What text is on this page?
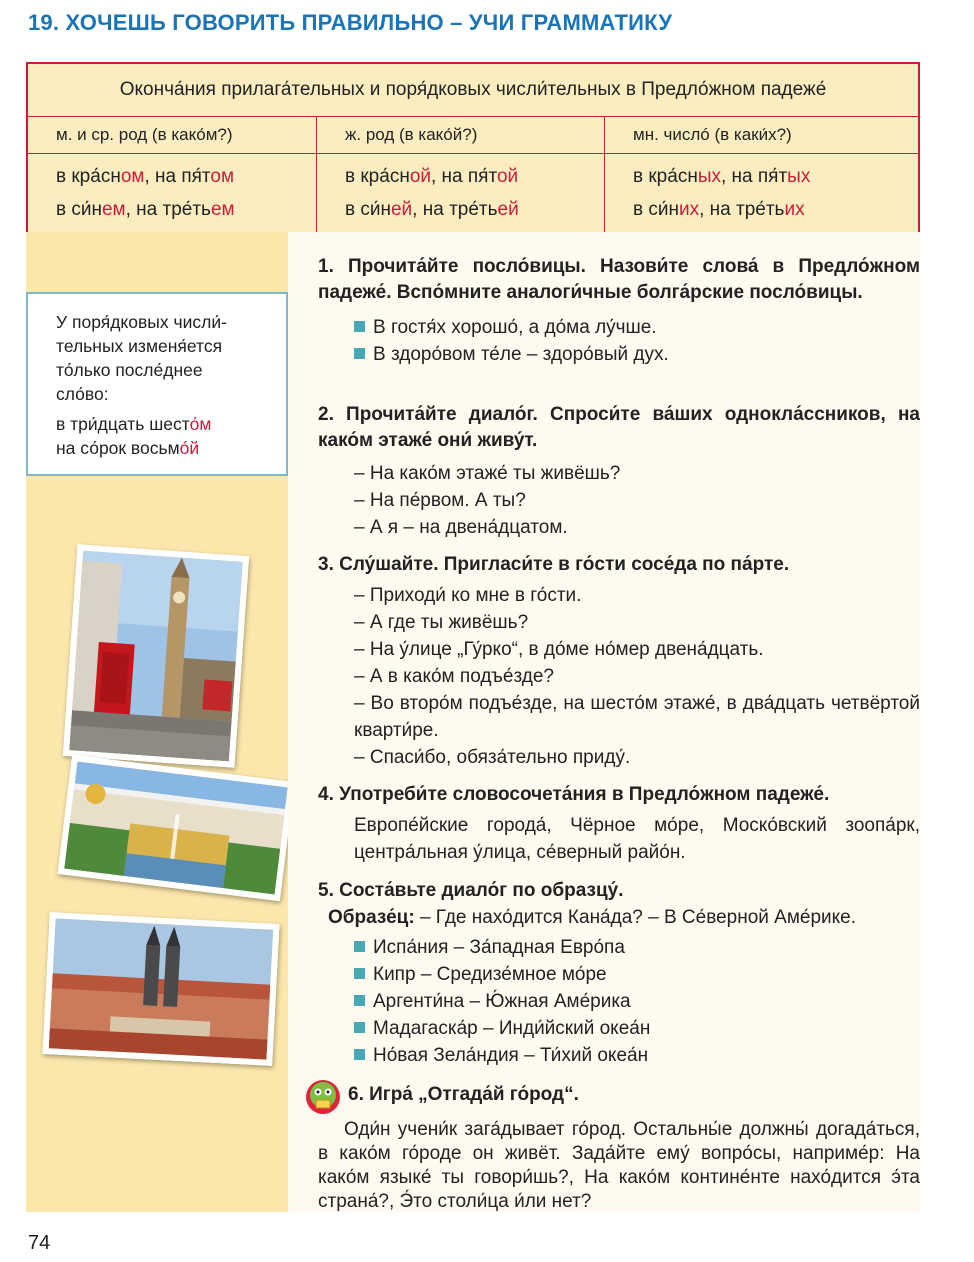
19. ХОЧЕШЬ ГОВОРИТЬ ПРАВИЛЬНО – УЧИ ГРАММАТИКУ
Оконча́ния прилага́тельных и поря́дковых числи́тельных в Предло́жном падеже́
м. и ср. род (в како́м?)	ж. род (в како́й?)	мн. числó (в каки́х?)
в кра́сном, на пя́том
в си́нем, на тре́тьем
в кра́сной, на пя́той
в си́ней, на тре́тьей
в кра́сных, на пя́тых
в си́них, на тре́тьих
У поря́дковых числи́-
тельных изменя́ется
то́лько после́днее
сло́во:
в три́дцать шесто́м
на со́рок восьмо́й
1. Прочита́йте посло́вицы. Назови́те слова́ в Предло́жном падеже́. Вспо́мните аналоги́чные болга́рские посло́вицы.
В гостя́х хорошо́, а до́ма лу́чше.
В здоро́вом те́ле – здоро́вый дух.
2. Прочита́йте диало́г. Спроси́те ва́ших однокла́ссников, на како́м этаже́ они́ живу́т.
– На како́м этаже́ ты живёшь?
– На пе́рвом. А ты?
– А я – на двена́дцатом.
3. Слу́шайте. Пригласи́те в го́сти сосе́да по па́рте.
– Приходи́ ко мне в го́сти.
– А где ты живёшь?
– На у́лице „Гу́рко“, в до́ме но́мер двена́дцать.
– А в како́м подъе́зде?
– Во второ́м подъе́зде, на шесто́м этаже́, в два́дцать четвёртой кварти́ре.
– Спаси́бо, обяза́тельно приду́.
4. Употреби́те словосочета́ния в Предло́жном падеже́.
Европе́йские города́, Чёрное мо́ре, Моско́вский зоопа́рк, центра́льная у́лица, се́верный райо́н.
5. Соста́вьте диало́г по образцу́.
Образе́ц: – Где нахо́дится Кана́да? – В Се́верной Аме́рике.
Испа́ния – За́падная Евро́па
Кипр – Средизе́мное мо́ре
Аргенти́на – Ю́жная Аме́рика
Мадагаска́р – Инди́йский океа́н
Но́вая Зела́ндия – Ти́хий океа́н
6. Игра́ „Отгада́й го́род“.
Оди́н учени́к зага́дывает го́род. Остальны́е должны́ догада́ться, в како́м го́роде он живёт. Зада́йте ему́ вопро́сы, наприме́р: На како́м языке́ ты говори́шь?, На како́м контине́нте нахо́дится э́та страна́?, Э́то столи́ца и́ли нет?
74
